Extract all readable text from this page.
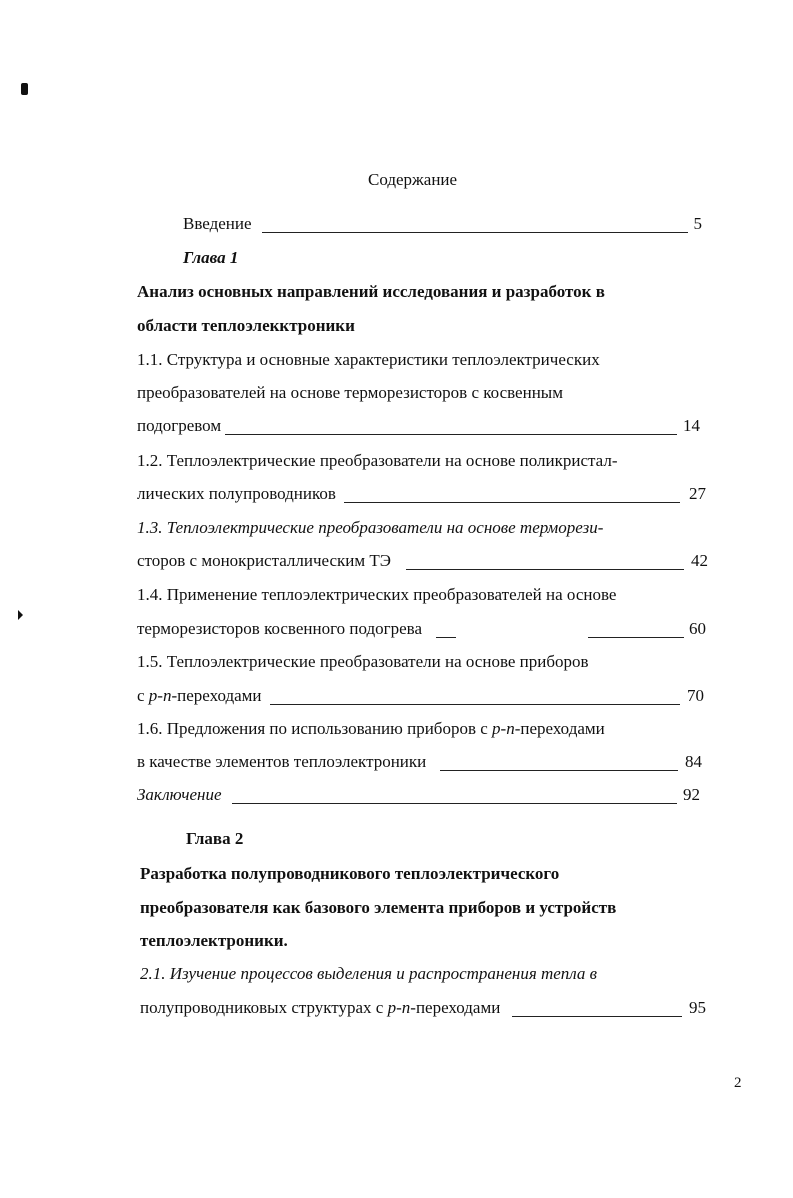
Содержание
Введение	5
Глава 1
Анализ основных направлений исследования и разработок в
области теплоэлекктроники
1.1. Структура и основные характеристики теплоэлектрических
преобразователей на основе терморезисторов с косвенным
подогревом	14
1.2. Теплоэлектрические преобразователи на основе поликристал-
лических полупроводников	27
1.3. Теплоэлектрические преобразователи на основе терморези-
сторов с монокристаллическим ТЭ	42
1.4. Применение теплоэлектрических преобразователей на основе
терморезисторов косвенного подогрева	60
1.5. Теплоэлектрические преобразователи на основе приборов
с p-n-переходами	70
1.6. Предложения по использованию приборов с p-n-переходами
в качестве элементов теплоэлектроники	84
Заключение	92
Глава 2
Разработка полупроводникового теплоэлектрического
преобразователя как базового элемента приборов и устройств
теплоэлектроники.
2.1. Изучение процессов выделения и распространения тепла в
полупроводниковых структурах с p-n-переходами	95
2
